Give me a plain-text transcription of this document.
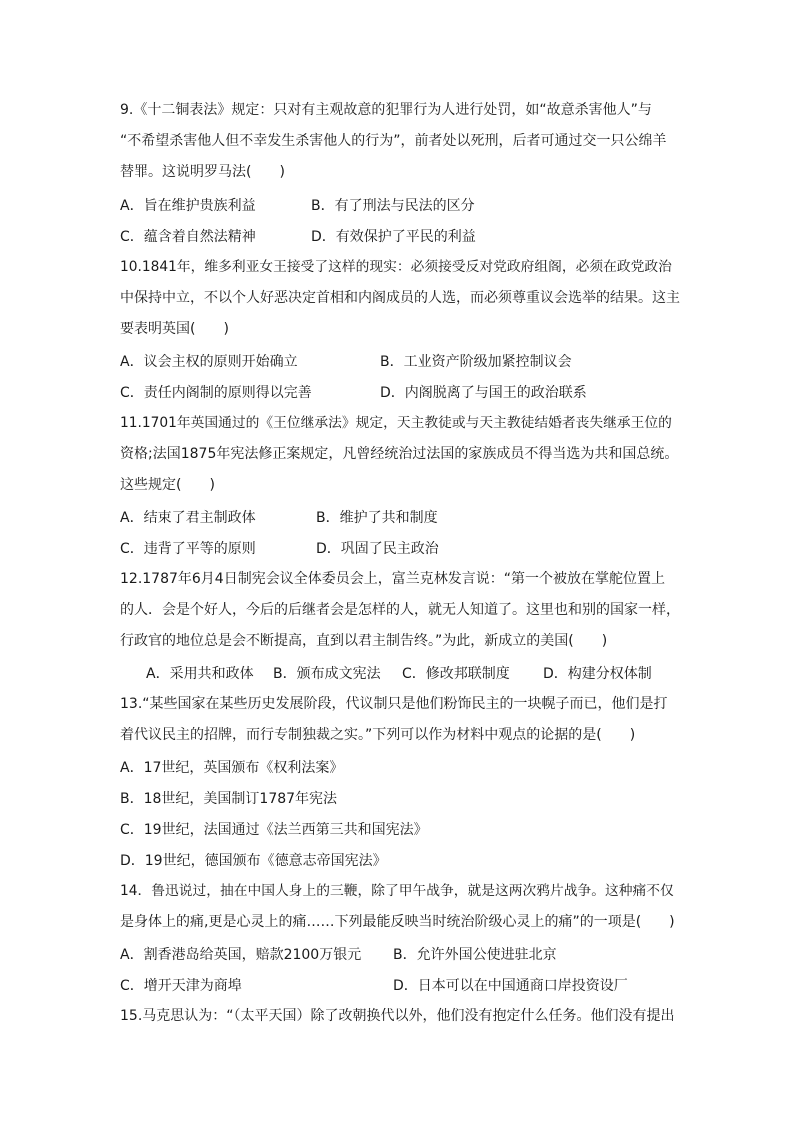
9.《十二铜表法》规定：只对有主观故意的犯罪行为人进行处罚，如“故意杀害他人”与
“不希望杀害他人但不幸发生杀害他人的行为”，前者处以死刑，后者可通过交一只公绵羊
替罪。这说明罗马法(　　)
A．旨在维护贵族利益	B．有了刑法与民法的区分
C．蕴含着自然法精神	D．有效保护了平民的利益
10.1841年，维多利亚女王接受了这样的现实：必须接受反对党政府组阁，必须在政党政治
中保持中立，不以个人好恶决定首相和内阁成员的人选，而必须尊重议会选举的结果。这主
要表明英国(　　)
A．议会主权的原则开始确立	B．工业资产阶级加紧控制议会
C．责任内阁制的原则得以完善	D．内阁脱离了与国王的政治联系
11.1701年英国通过的《王位继承法》规定，天主教徒或与天主教徒结婚者丧失继承王位的
资格;法国1875年宪法修正案规定，凡曾经统治过法国的家族成员不得当选为共和国总统。
这些规定(　　)
A．结束了君主制政体	B．维护了共和制度
C．违背了平等的原则	D．巩固了民主政治
12.1787年6月4日制宪会议全体委员会上，富兰克林发言说：“第一个被放在掌舵位置上
的人．会是个好人，今后的后继者会是怎样的人，就无人知道了。这里也和别的国家一样，
行政官的地位总是会不断提高，直到以君主制告终。”为此，新成立的美国(　　)
A．采用共和政体 B．颁布成文宪法 C．修改邦联制度 D．构建分权体制
13.“某些国家在某些历史发展阶段，代议制只是他们粉饰民主的一块幌子而已，他们是打
着代议民主的招牌，而行专制独裁之实。”下列可以作为材料中观点的论据的是(　　)
A．17世纪，英国颁布《权利法案》
B．18世纪，美国制订1787年宪法
C．19世纪，法国通过《法兰西第三共和国宪法》
D．19世纪，德国颁布《德意志帝国宪法》
14．鲁迅说过，抽在中国人身上的三鞭，除了甲午战争，就是这两次鸦片战争。这种痛不仅
是身体上的痛,更是心灵上的痛……下列最能反映当时统治阶级心灵上的痛”的一项是(　　)
A．割香港岛给英国，赔款2100万银元 B．允许外国公使进驻北京
C．增开天津为商埠	D．日本可以在中国通商口岸投资设厂
15.马克思认为：“（太平天国）除了改朝换代以外，他们没有抱定什么任务。他们没有提出
